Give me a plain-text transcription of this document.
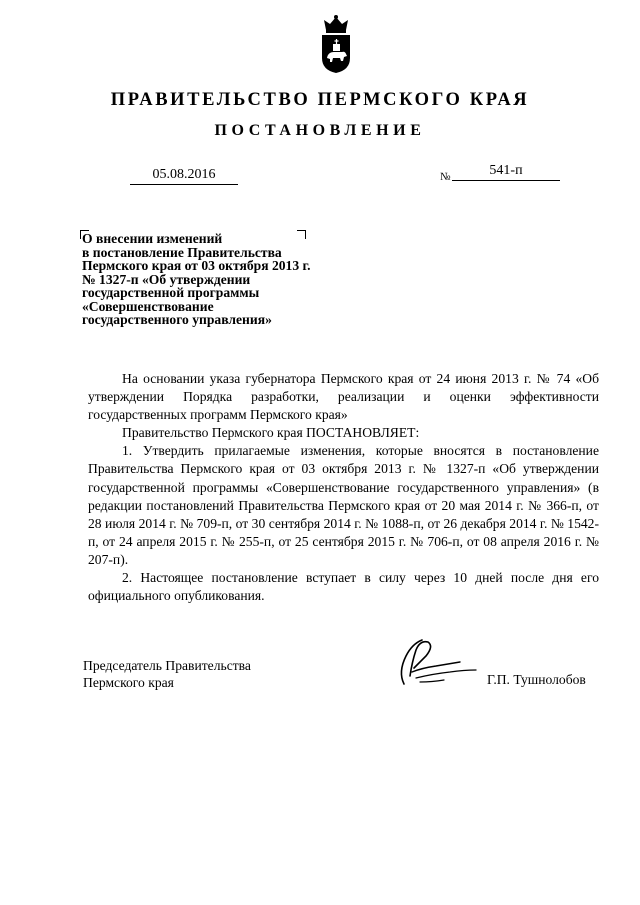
ПРАВИТЕЛЬСТВО ПЕРМСКОГО КРАЯ
ПОСТАНОВЛЕНИЕ
05.08.2016	№	541-п
О внесении изменений
в постановление Правительства
Пермского края от 03 октября 2013 г.
№ 1327-п «Об утверждении
государственной программы
«Совершенствование
государственного управления»

На основании указа губернатора Пермского края от 24 июня 2013 г. № 74 «Об утверждении Порядка разработки, реализации и оценки эффективности государственных программ Пермского края»

Правительство Пермского края ПОСТАНОВЛЯЕТ:

1. Утвердить прилагаемые изменения, которые вносятся в постановление Правительства Пермского края от 03 октября 2013 г. № 1327-п «Об утверждении государственной программы «Совершенствование государственного управления» (в редакции постановлений Правительства Пермского края от 20 мая 2014 г. № 366-п, от 28 июля 2014 г. № 709-п, от 30 сентября 2014 г. № 1088-п, от 26 декабря 2014 г. № 1542-п, от 24 апреля 2015 г. № 255-п, от 25 сентября 2015 г. № 706-п, от 08 апреля 2016 г. № 207-п).

2. Настоящее постановление вступает в силу через 10 дней после дня его официального опубликования.

Председатель Правительства
Пермского края	Г.П. Тушнолобов
